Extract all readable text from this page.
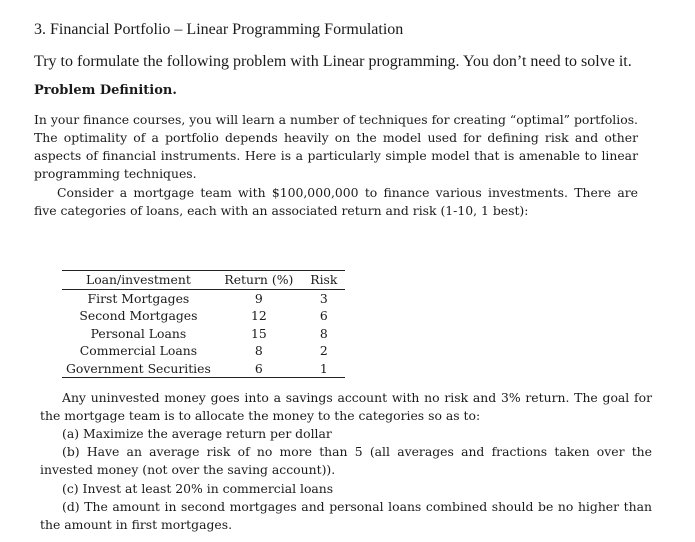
3. Financial Portfolio – Linear Programming Formulation
Try to formulate the following problem with Linear programming. You don’t need to solve it.
Problem Definition.

In your finance courses, you will learn a number of techniques for creating “optimal” portfolios. The optimality of a portfolio depends heavily on the model used for defining risk and other aspects of financial instruments. Here is a particularly simple model that is amenable to linear programming techniques.

Consider a mortgage team with $100,000,000 to finance various investments. There are five categories of loans, each with an associated return and risk (1-10, 1 best):

Loan/investment	Return (%)	Risk
First Mortgages	9	3
Second Mortgages	12	6
Personal Loans	15	8
Commercial Loans	8	2
Government Securities	6	1

Any uninvested money goes into a savings account with no risk and 3% return. The goal for the mortgage team is to allocate the money to the categories so as to:

(a) Maximize the average return per dollar

(b) Have an average risk of no more than 5 (all averages and fractions taken over the invested money (not over the saving account)).

(c) Invest at least 20% in commercial loans

(d) The amount in second mortgages and personal loans combined should be no higher than the amount in first mortgages.
